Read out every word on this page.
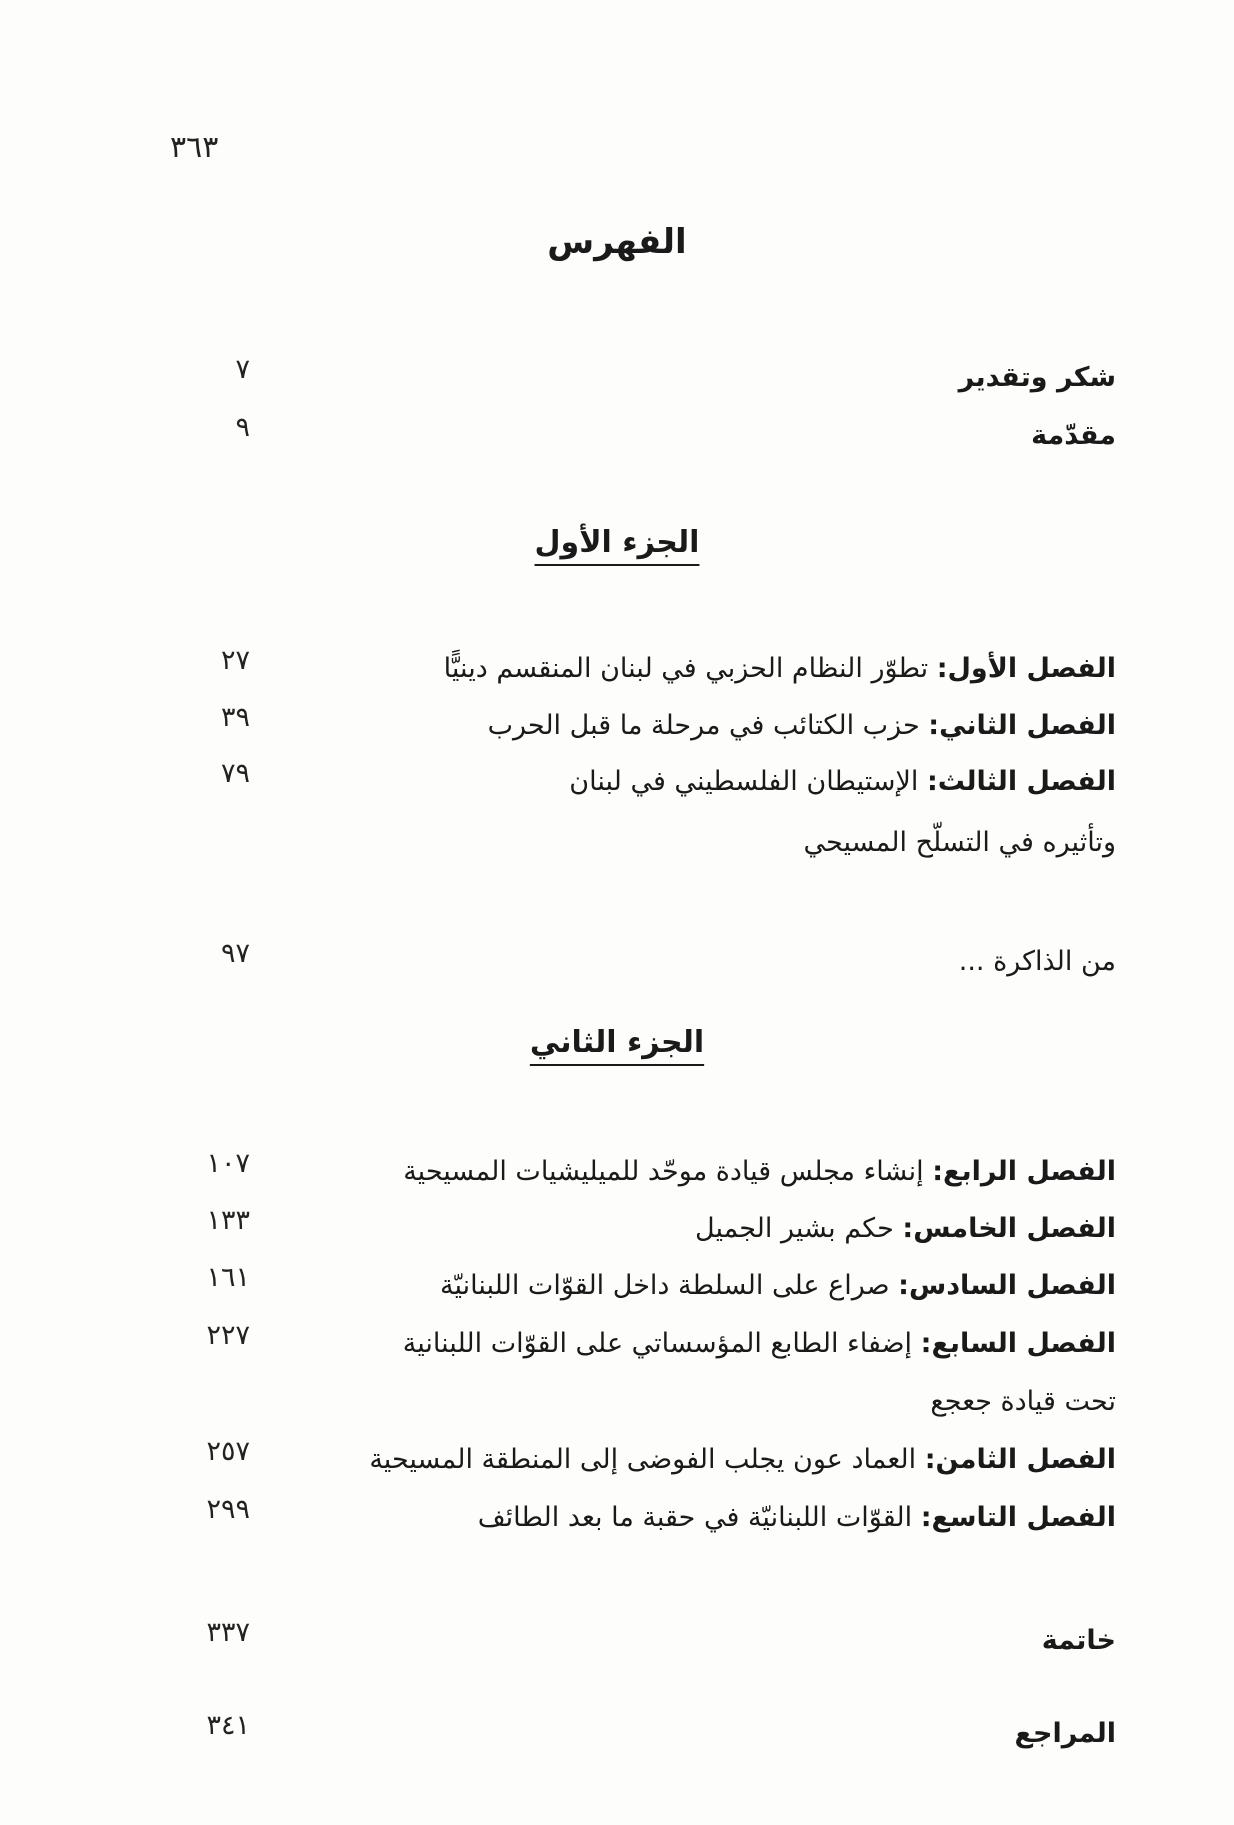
٣٦٣
الفهرس
شكر وتقدير
٧
مقدّمة
٩
الجزء الأول
الفصل الأول: تطوّر النظام الحزبي في لبنان المنقسم دينيًّا
٢٧
الفصل الثاني: حزب الكتائب في مرحلة ما قبل الحرب
٣٩
الفصل الثالث: الإستيطان الفلسطيني في لبنان
٧٩
وتأثيره في التسلّح المسيحي
من الذاكرة ...
٩٧
الجزء الثاني
الفصل الرابع: إنشاء مجلس قيادة موحّد للميليشيات المسيحية
١٠٧
الفصل الخامس: حكم بشير الجميل
١٣٣
الفصل السادس: صراع على السلطة داخل القوّات اللبنانيّة
١٦١
الفصل السابع: إضفاء الطابع المؤسساتي على القوّات اللبنانية
٢٢٧
تحت قيادة جعجع
الفصل الثامن: العماد عون يجلب الفوضى إلى المنطقة المسيحية
٢٥٧
الفصل التاسع: القوّات اللبنانيّة في حقبة ما بعد الطائف
٢٩٩
خاتمة
٣٣٧
المراجع
٣٤١
